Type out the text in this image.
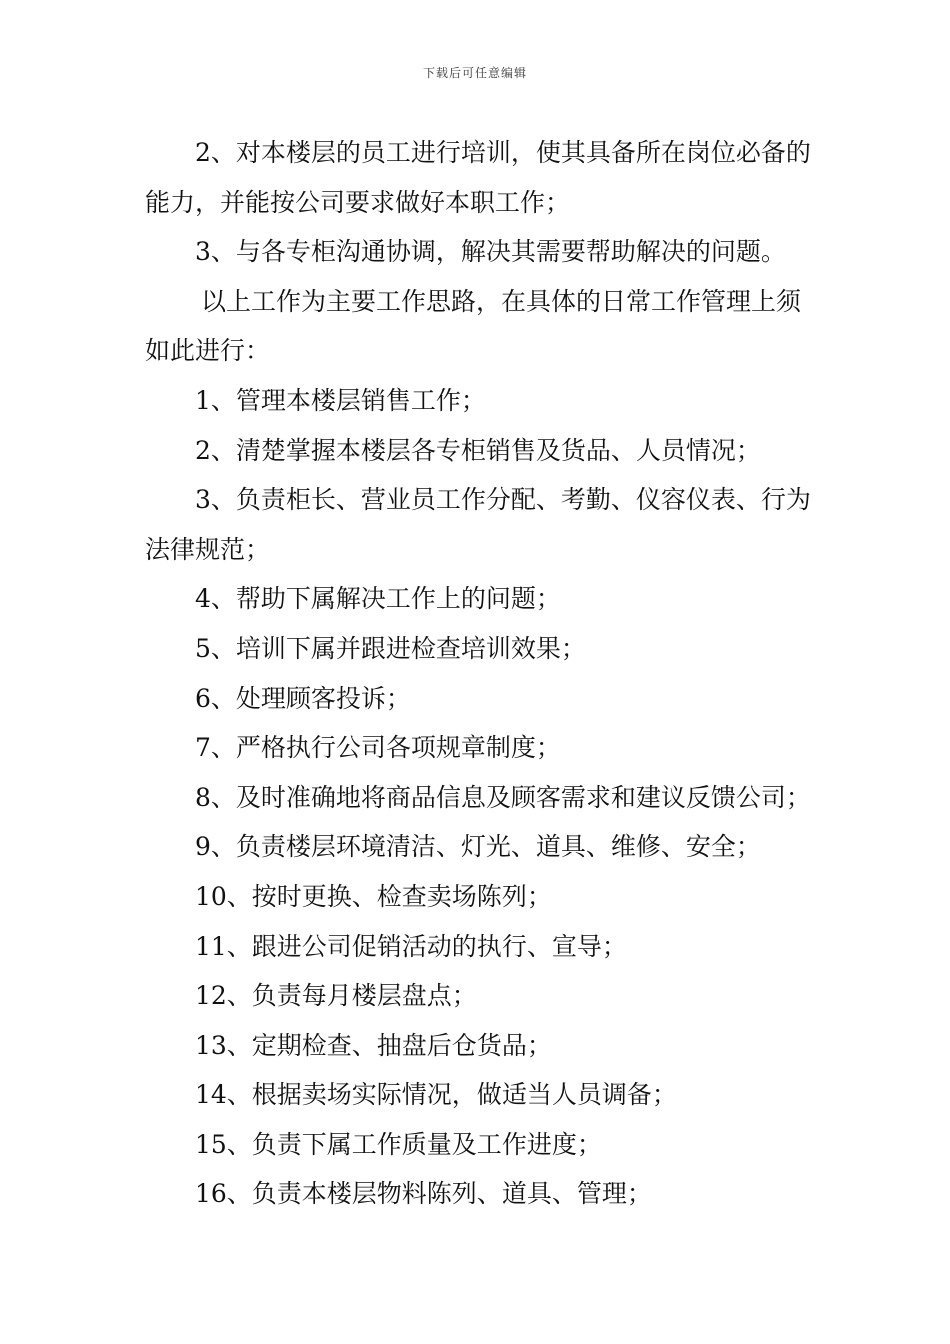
下载后可任意编辑

2、对本楼层的员工进行培训，使其具备所在岗位必备的能力，并能按公司要求做好本职工作；

3、与各专柜沟通协调，解决其需要帮助解决的问题。

以上工作为主要工作思路，在具体的日常工作管理上须如此进行：

1、管理本楼层销售工作；

2、清楚掌握本楼层各专柜销售及货品、人员情况；

3、负责柜长、营业员工作分配、考勤、仪容仪表、行为法律规范；

4、帮助下属解决工作上的问题；

5、培训下属并跟进检查培训效果；

6、处理顾客投诉；

7、严格执行公司各项规章制度；

8、及时准确地将商品信息及顾客需求和建议反馈公司；

9、负责楼层环境清洁、灯光、道具、维修、安全；

10、按时更换、检查卖场陈列；

11、跟进公司促销活动的执行、宣导；

12、负责每月楼层盘点；

13、定期检查、抽盘后仓货品；

14、根据卖场实际情况，做适当人员调备；

15、负责下属工作质量及工作进度；

16、负责本楼层物料陈列、道具、管理；
